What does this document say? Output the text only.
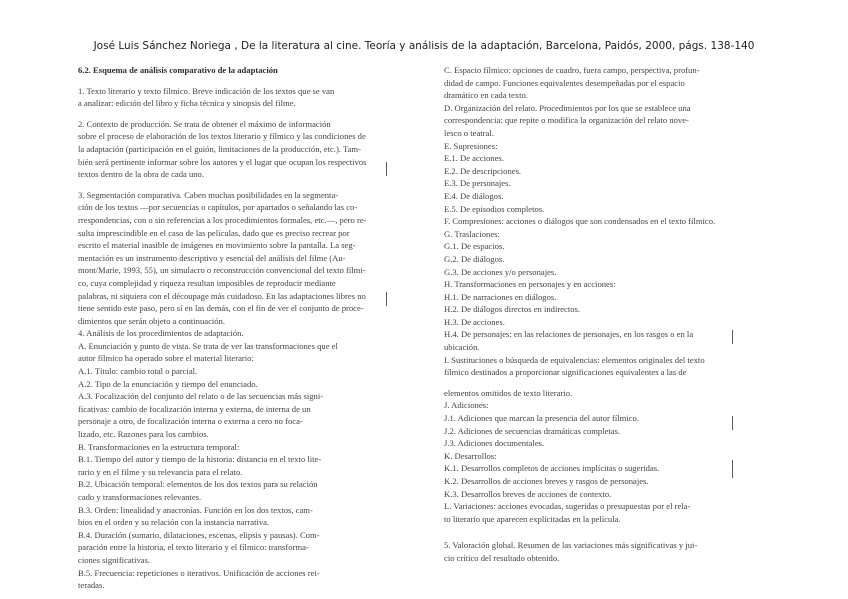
José Luis Sánchez Noriega , De la literatura al cine. Teoría y análisis de la adaptación, Barcelona, Paidós, 2000, págs. 138-140
6.2. Esquema de análisis comparativo de la adaptación
1. Texto literario y texto fílmico. Breve indicación de los textos que se van
a analizar: edición del libro y ficha técnica y sinopsis del filme.
2. Contexto de producción. Se trata de obtener el máximo de información
sobre el proceso de elaboración de los textos literario y fílmico y las condiciones de
la adaptación (participación en el guión, limitaciones de la producción, etc.). Tam-
bién será pertinente informar sobre los autores y el lugar que ocupan los respectivos
textos dentro de la obra de cada uno.
3. Segmentación comparativa. Caben muchas posibilidades en la segmenta-
ción de los textos —por secuencias o capítulos, por apartados o señalando las co-
rrespondencias, con o sin referencias a los procedimientos formales, etc.—, pero re-
sulta imprescindible en el caso de las películas, dado que es preciso recrear por
escrito el material inasible de imágenes en movimiento sobre la pantalla. La seg-
mentación es un instrumento descriptivo y esencial del análisis del filme (Au-
mont/Marie, 1993, 55), un simulacro o reconstrucción convencional del texto fílmi-
co, cuya complejidad y riqueza resultan imposibles de reproducir mediante
palabras, ni siquiera con el découpage más cuidadoso. En las adaptaciones libres no
tiene sentido este paso, pero sí en las demás, con el fin de ver el conjunto de proce-
dimientos que serán objeto a continuación.
4. Análisis de los procedimientos de adaptación.
A. Enunciación y punto de vista. Se trata de ver las transformaciones que el
autor fílmico ha operado sobre el material literario:
A.1. Título: cambio total o parcial.
A.2. Tipo de la enunciación y tiempo del enunciado.
A.3. Focalización del conjunto del relato o de las secuencias más signi-
ficativas: cambio de focalización interna y externa, de interna de un
personaje a otro, de focalización interna o externa a cero no foca-
lizado, etc. Razones para los cambios.
B. Transformaciones en la estructura temporal:
B.1. Tiempo del autor y tiempo de la historia: distancia en el texto lite-
rario y en el filme y su relevancia para el relato.
B.2. Ubicación temporal: elementos de los dos textos para su relación
cado y transformaciones relevantes.
B.3. Orden: linealidad y anacronías. Función en los dos textos, cam-
bios en el orden y su relación con la instancia narrativa.
B.4. Duración (sumario, dilataciones, escenas, elipsis y pausas). Com-
paración entre la historia, el texto literario y el fílmico: transforma-
ciones significativas.
B.5. Frecuencia: repeticiones o iterativos. Unificación de acciones rei-
teradas.
C. Espacio fílmico: opciones de cuadro, fuera campo, perspectiva, profun-
didad de campo. Funciones equivalentes desempeñadas por el espacio
dramático en cada texto.
D. Organización del relato. Procedimientos por los que se establece una
correspondencia: que repite o modifica la organización del relato nove-
lesco o teatral.
E. Supresiones:
E.1. De acciones.
E.2. De descripciones.
E.3. De personajes.
E.4. De diálogos.
E.5. De episodios completos.
F. Compresiones: acciones o diálogos que son condensados en el texto fílmico.
G. Traslaciones:
G.1. De espacios.
G.2. De diálogos.
G.3. De acciones y/o personajes.
H. Transformaciones en personajes y en acciones:
H.1. De narraciones en diálogos.
H.2. De diálogos directos en indirectos.
H.3. De acciones.
H.4. De personajes: en las relaciones de personajes, en los rasgos o en la
ubicación.
I. Sustituciones o búsqueda de equivalencias: elementos originales del texto
fílmico destinados a proporcionar significaciones equivalentes a las de
elementos omitidos de texto literario.
J. Adiciones:
J.1. Adiciones que marcan la presencia del autor fílmico.
J.2. Adiciones de secuencias dramáticas completas.
J.3. Adiciones documentales.
K. Desarrollos:
K.1. Desarrollos completos de acciones implícitas o sugeridas.
K.2. Desarrollos de acciones breves y rasgos de personajes.
K.3. Desarrollos breves de acciones de contexto.
L. Variaciones: acciones evocadas, sugeridas o presupuestas por el rela-
to literario que aparecen explicitadas en la película.
5. Valoración global. Resumen de las variaciones más significativas y jui-
cio crítico del resultado obtenido.
